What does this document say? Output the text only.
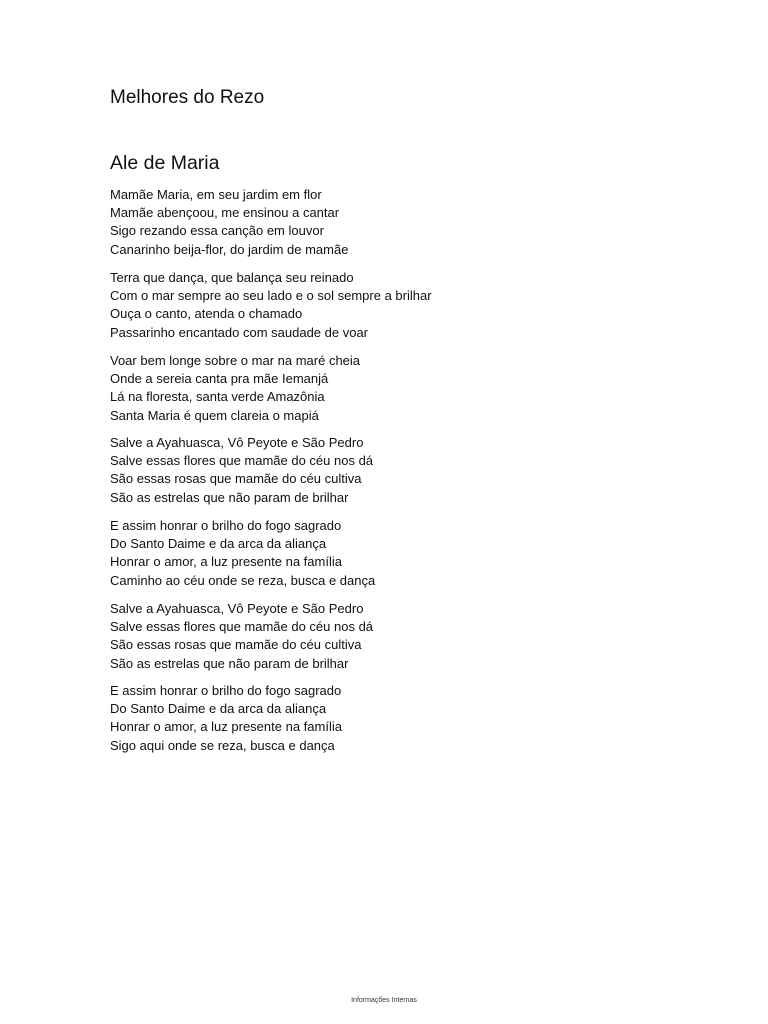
Melhores do Rezo
Ale de Maria
Mamãe Maria, em seu jardim em flor
Mamãe abençoou, me ensinou a cantar
Sigo rezando essa canção em louvor
Canarinho beija-flor, do jardim de mamãe
Terra que dança, que balança seu reinado
Com o mar sempre ao seu lado e o sol sempre a brilhar
Ouça o canto, atenda o chamado
Passarinho encantado com saudade de voar
Voar bem longe sobre o mar na maré cheia
Onde a sereia canta pra mãe Iemanjá
Lá na floresta, santa verde Amazônia
Santa Maria é quem clareia o mapiá
Salve a Ayahuasca, Vô Peyote e São Pedro
Salve essas flores que mamãe do céu nos dá
São essas rosas que mamãe do céu cultiva
São as estrelas que não param de brilhar
E assim honrar o brilho do fogo sagrado
Do Santo Daime e da arca da aliança
Honrar o amor, a luz presente na família
Caminho ao céu onde se reza, busca e dança
Salve a Ayahuasca, Vô Peyote e São Pedro
Salve essas flores que mamãe do céu nos dá
São essas rosas que mamãe do céu cultiva
São as estrelas que não param de brilhar
E assim honrar o brilho do fogo sagrado
Do Santo Daime e da arca da aliança
Honrar o amor, a luz presente na família
Sigo aqui onde se reza, busca e dança
Informações Internas
